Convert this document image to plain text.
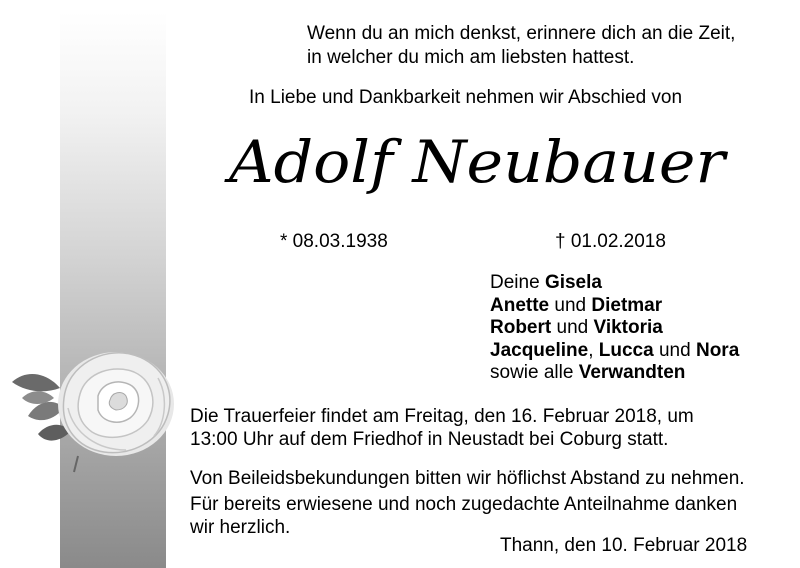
Wenn du an mich denkst, erinnere dich an die Zeit,
in welcher du mich am liebsten hattest.
In Liebe und Dankbarkeit nehmen wir Abschied von
Adolf Neubauer
* 08.03.1938	† 01.02.2018
Deine Gisela
Anette und Dietmar
Robert und Viktoria
Jacqueline, Lucca und Nora
sowie alle Verwandten
Die Trauerfeier findet am Freitag, den 16. Februar 2018, um
13:00 Uhr auf dem Friedhof in Neustadt bei Coburg statt.
Von Beileidsbekundungen bitten wir höflichst Abstand zu nehmen.
Für bereits erwiesene und noch zugedachte Anteilnahme danken
wir herzlich.
Thann, den 10. Februar 2018
